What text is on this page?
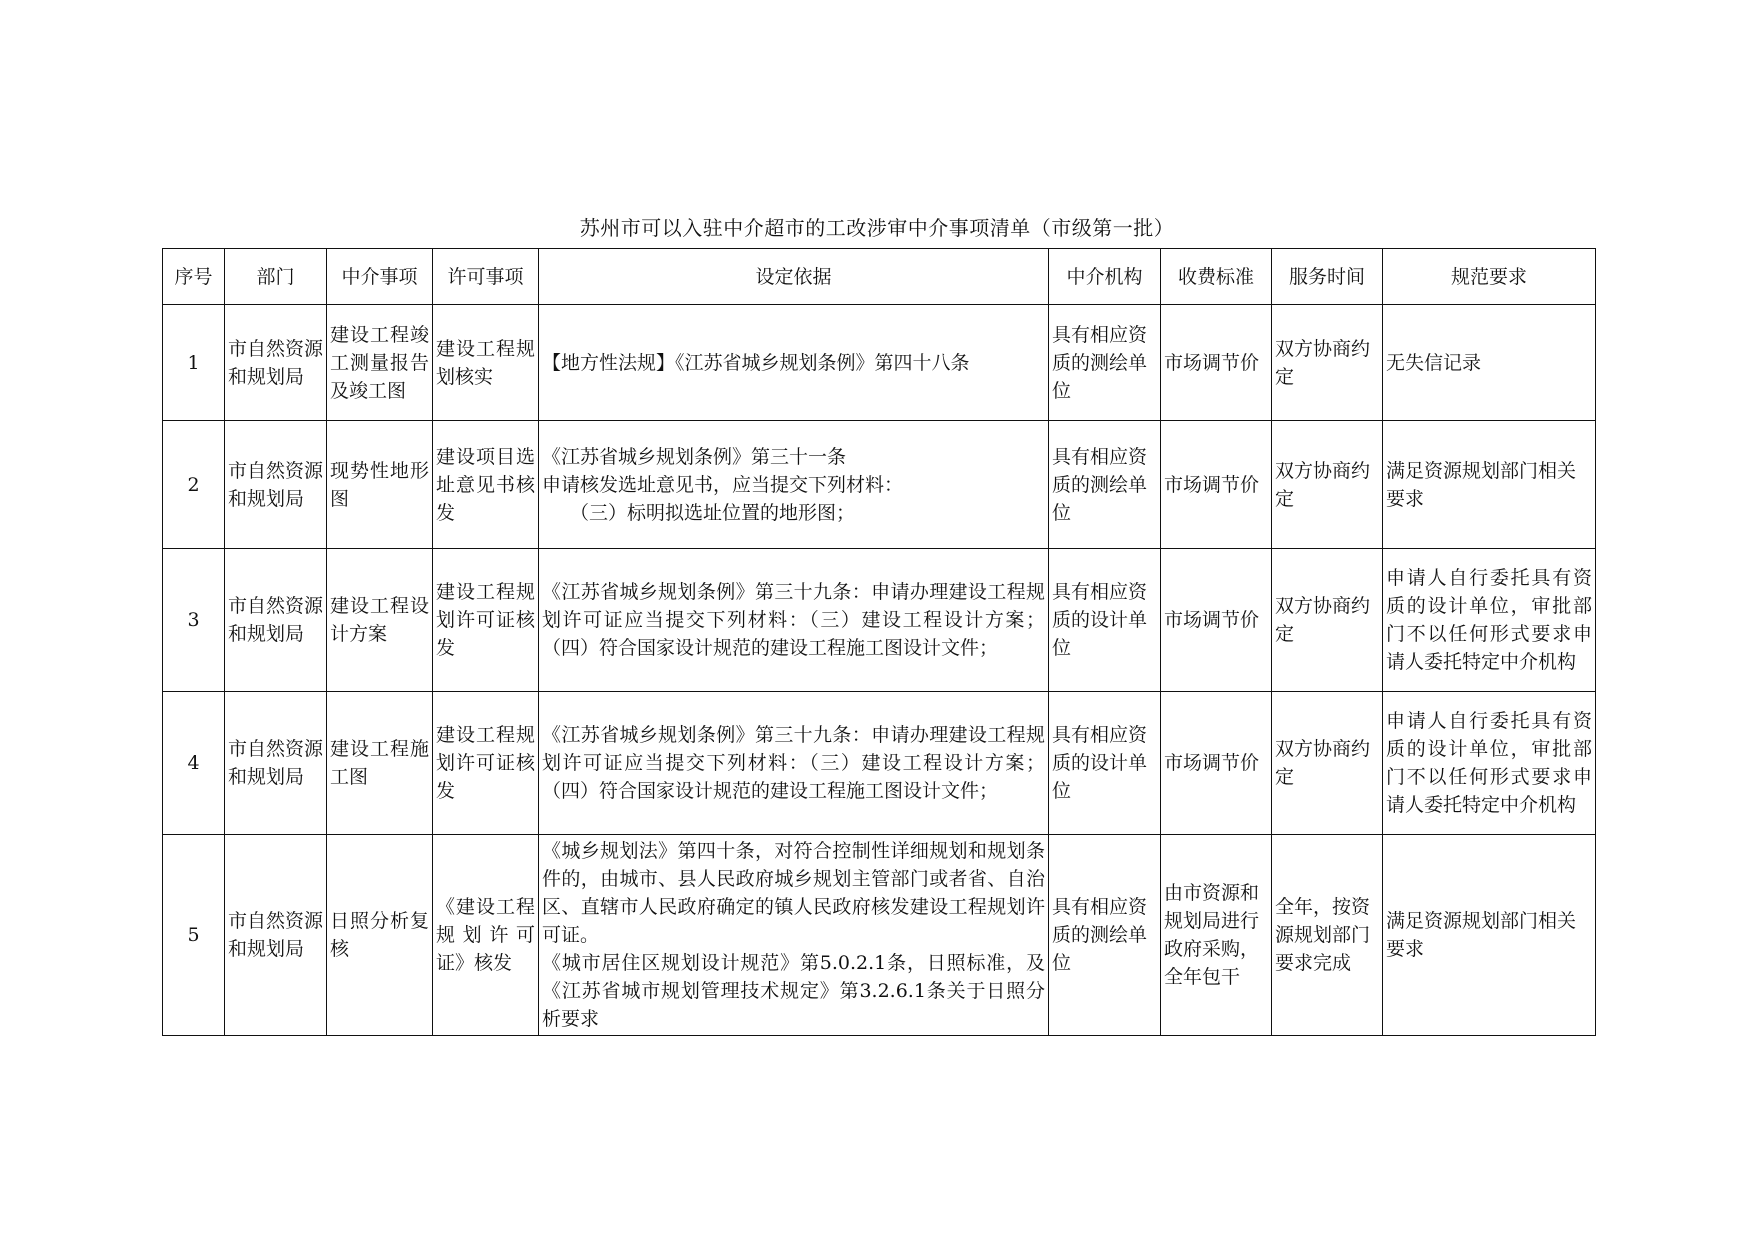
苏州市可以入驻中介超市的工改涉审中介事项清单（市级第一批）
序号	部门	中介事项	许可事项	设定依据	中介机构	收费标准	服务时间	规范要求
1	市自然资源和规划局	建设工程竣工测量报告及竣工图	建设工程规划核实	【地方性法规】《江苏省城乡规划条例》第四十八条	具有相应资质的测绘单位	市场调节价	双方协商约定	无失信记录
2	市自然资源和规划局	现势性地形图	建设项目选址意见书核发	《江苏省城乡规划条例》第三十一条
申请核发选址意见书，应当提交下列材料：
（三）标明拟选址位置的地形图；	具有相应资质的测绘单位	市场调节价	双方协商约定	满足资源规划部门相关要求
3	市自然资源和规划局	建设工程设计方案	建设工程规划许可证核发	《江苏省城乡规划条例》第三十九条：申请办理建设工程规划许可证应当提交下列材料：（三）建设工程设计方案；（四）符合国家设计规范的建设工程施工图设计文件；	具有相应资质的设计单位	市场调节价	双方协商约定	申请人自行委托具有资质的设计单位，审批部门不以任何形式要求申请人委托特定中介机构
4	市自然资源和规划局	建设工程施工图	建设工程规划许可证核发	《江苏省城乡规划条例》第三十九条：申请办理建设工程规划许可证应当提交下列材料：（三）建设工程设计方案；（四）符合国家设计规范的建设工程施工图设计文件；	具有相应资质的设计单位	市场调节价	双方协商约定	申请人自行委托具有资质的设计单位，审批部门不以任何形式要求申请人委托特定中介机构
5	市自然资源和规划局	日照分析复核	《建设工程规划许可证》核发	《城乡规划法》第四十条，对符合控制性详细规划和规划条件的，由城市、县人民政府城乡规划主管部门或者省、自治区、直辖市人民政府确定的镇人民政府核发建设工程规划许可证。
《城市居住区规划设计规范》第5.0.2.1条，日照标准，及《江苏省城市规划管理技术规定》第3.2.6.1条关于日照分析要求	具有相应资质的测绘单位	由市资源和规划局进行政府采购，全年包干	全年，按资源规划部门要求完成	满足资源规划部门相关要求
